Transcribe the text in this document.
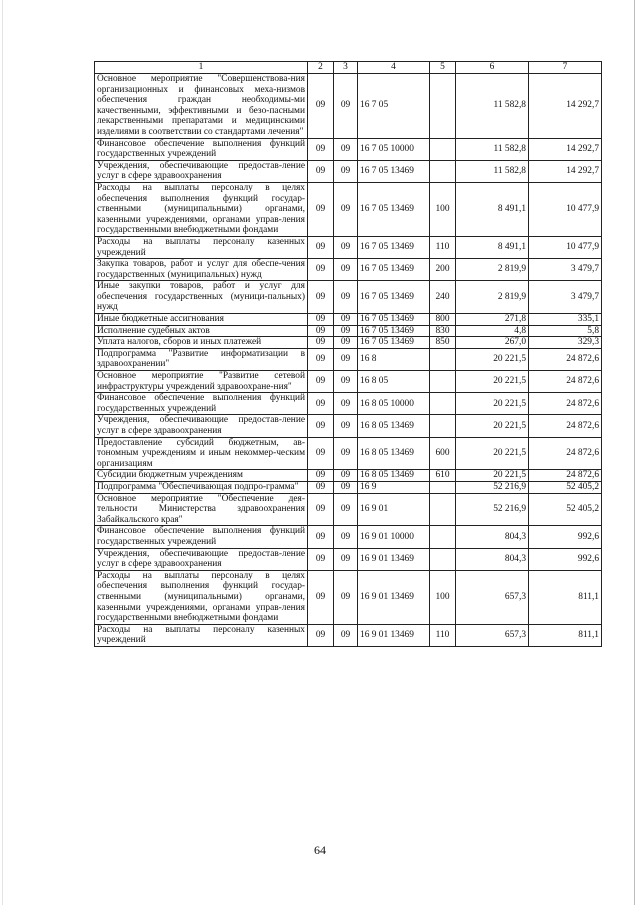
1	2	3	4	5	6	7
Основное мероприятие "Совершенствова-ния организационных и финансовых меха-низмов обеспечения граждан необходимы-ми качественными, эффективными и безо-пасными лекарственными препаратами и медицинскими изделиями в соответствии со стандартами лечения"	09	09	16 7 05		11 582,8	14 292,7
Финансовое обеспечение выполнения функций государственных учреждений	09	09	16 7 05 10000		11 582,8	14 292,7
Учреждения, обеспечивающие предостав-ление услуг в сфере здравоохранения	09	09	16 7 05 13469		11 582,8	14 292,7
Расходы на выплаты персоналу в целях обеспечения выполнения функций государ-ственными (муниципальными) органами, казенными учреждениями, органами управ-ления государственными внебюджетными фондами	09	09	16 7 05 13469	100	8 491,1	10 477,9
Расходы на выплаты персоналу казенных учреждений	09	09	16 7 05 13469	110	8 491,1	10 477,9
Закупка товаров, работ и услуг для обеспе-чения государственных (муниципальных) нужд	09	09	16 7 05 13469	200	2 819,9	3 479,7
Иные закупки товаров, работ и услуг для обеспечения государственных (муници-пальных) нужд	09	09	16 7 05 13469	240	2 819,9	3 479,7
Иные бюджетные ассигнования	09	09	16 7 05 13469	800	271,8	335,1
Исполнение судебных актов	09	09	16 7 05 13469	830	4,8	5,8
Уплата налогов, сборов и иных платежей	09	09	16 7 05 13469	850	267,0	329,3
Подпрограмма "Развитие информатизации в здравоохранении"	09	09	16 8		20 221,5	24 872,6
Основное мероприятие "Развитие сетевой инфраструктуры учреждений здравоохране-ния"	09	09	16 8 05		20 221,5	24 872,6
Финансовое обеспечение выполнения функций государственных учреждений	09	09	16 8 05 10000		20 221,5	24 872,6
Учреждения, обеспечивающие предостав-ление услуг в сфере здравоохранения	09	09	16 8 05 13469		20 221,5	24 872,6
Предоставление субсидий бюджетным, ав-тономным учреждениям и иным некоммер-ческим организациям	09	09	16 8 05 13469	600	20 221,5	24 872,6
Субсидии бюджетным учреждениям	09	09	16 8 05 13469	610	20 221,5	24 872,6
Подпрограмма "Обеспечивающая подпро-грамма"	09	09	16 9		52 216,9	52 405,2
Основное мероприятие "Обеспечение дея-тельности Министерства здравоохранения Забайкальского края"	09	09	16 9 01		52 216,9	52 405,2
Финансовое обеспечение выполнения функций государственных учреждений	09	09	16 9 01 10000		804,3	992,6
Учреждения, обеспечивающие предостав-ление услуг в сфере здравоохранения	09	09	16 9 01 13469		804,3	992,6
Расходы на выплаты персоналу в целях обеспечения выполнения функций государ-ственными (муниципальными) органами, казенными учреждениями, органами управ-ления государственными внебюджетными фондами	09	09	16 9 01 13469	100	657,3	811,1
Расходы на выплаты персоналу казенных учреждений	09	09	16 9 01 13469	110	657,3	811,1
64
